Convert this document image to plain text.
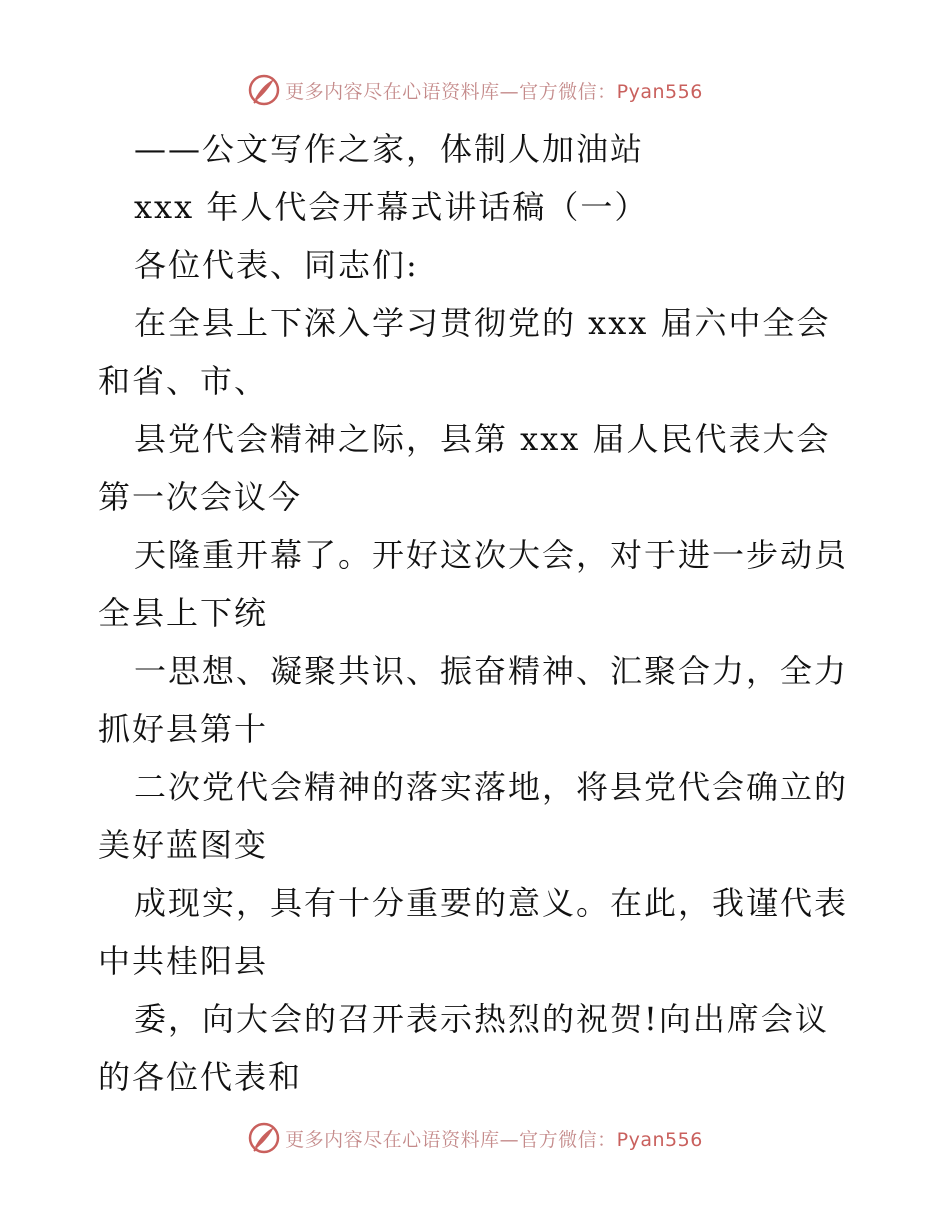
更多内容尽在心语资料库—官方微信：Pyan556
——公文写作之家，体制人加油站
xxx 年人代会开幕式讲话稿（一）
各位代表、同志们:
在全县上下深入学习贯彻党的 xxx 届六中全会
和省、市、
县党代会精神之际，县第 xxx 届人民代表大会
第一次会议今
天隆重开幕了。开好这次大会，对于进一步动员
全县上下统
一思想、凝聚共识、振奋精神、汇聚合力，全力
抓好县第十
二次党代会精神的落实落地，将县党代会确立的
美好蓝图变
成现实，具有十分重要的意义。在此，我谨代表
中共桂阳县
委，向大会的召开表示热烈的祝贺!向出席会议
的各位代表和
更多内容尽在心语资料库—官方微信：Pyan556
